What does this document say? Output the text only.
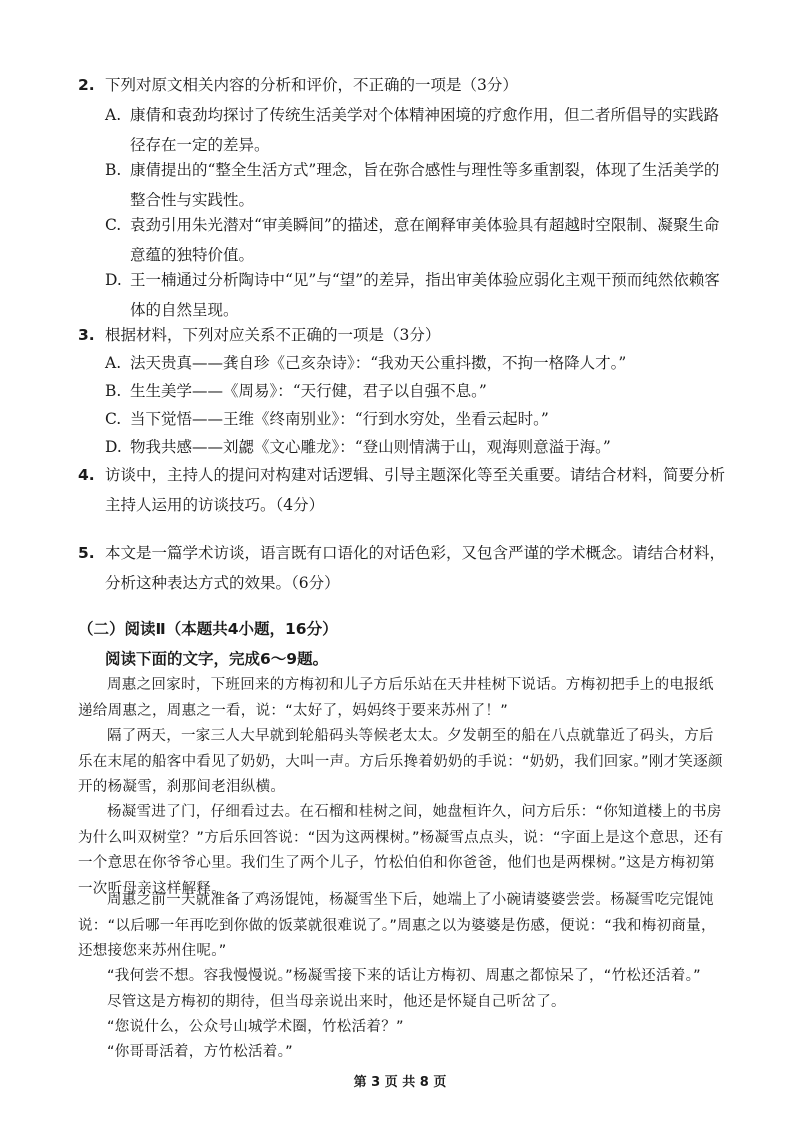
2. 下列对原文相关内容的分析和评价，不正确的一项是（3分）
A. 康倩和袁劲均探讨了传统生活美学对个体精神困境的疗愈作用，但二者所倡导的实践路径存在一定的差异。
B. 康倩提出的“整全生活方式”理念，旨在弥合感性与理性等多重割裂，体现了生活美学的整合性与实践性。
C. 袁劲引用朱光潜对“审美瞬间”的描述，意在阐释审美体验具有超越时空限制、凝聚生命意蕴的独特价值。
D. 王一楠通过分析陶诗中“见”与“望”的差异，指出审美体验应弱化主观干预而纯然依赖客体的自然呈现。
3. 根据材料，下列对应关系不正确的一项是（3分）
A. 法天贵真——龚自珍《己亥杂诗》：“我劝天公重抖擞，不拘一格降人才。”
B. 生生美学——《周易》：“天行健，君子以自强不息。”
C. 当下觉悟——王维《终南别业》：“行到水穷处，坐看云起时。”
D. 物我共感——刘勰《文心雕龙》：“登山则情满于山，观海则意溢于海。”
4. 访谈中，主持人的提问对构建对话逻辑、引导主题深化等至关重要。请结合材料，简要分析主持人运用的访谈技巧。（4分）
5. 本文是一篇学术访谈，语言既有口语化的对话色彩，又包含严谨的学术概念。请结合材料，分析这种表达方式的效果。（6分）
（二）阅读Ⅱ（本题共4小题，16分）
阅读下面的文字，完成6～9题。
周惠之回家时，下班回来的方梅初和儿子方后乐站在天井桂树下说话。方梅初把手上的电报纸递给周惠之，周惠之一看，说：“太好了，妈妈终于要来苏州了！”
隔了两天，一家三人大早就到轮船码头等候老太太。夕发朝至的船在八点就靠近了码头，方后乐在末尾的船客中看见了奶奶，大叫一声。方后乐搀着奶奶的手说：“奶奶，我们回家。”刚才笑逐颜开的杨凝雪，刹那间老泪纵横。
杨凝雪进了门，仔细看过去。在石榴和桂树之间，她盘桓许久，问方后乐：“你知道楼上的书房为什么叫双树堂？”方后乐回答说：“因为这两棵树。”杨凝雪点点头，说：“字面上是这个意思，还有一个意思在你爷爷心里。我们生了两个儿子，竹松伯伯和你爸爸，他们也是两棵树。”这是方梅初第一次听母亲这样解释。
周惠之前一天就准备了鸡汤馄饨，杨凝雪坐下后，她端上了小碗请婆婆尝尝。杨凝雪吃完馄饨说：“以后哪一年再吃到你做的饭菜就很难说了。”周惠之以为婆婆是伤感，便说：“我和梅初商量，还想接您来苏州住呢。”
“我何尝不想。容我慢慢说。”杨凝雪接下来的话让方梅初、周惠之都惊呆了，“竹松还活着。”
尽管这是方梅初的期待，但当母亲说出来时，他还是怀疑自己听岔了。
“您说什么，公众号山城学术圈，竹松活着？”
“你哥哥活着，方竹松活着。”
第 3 页 共 8 页
